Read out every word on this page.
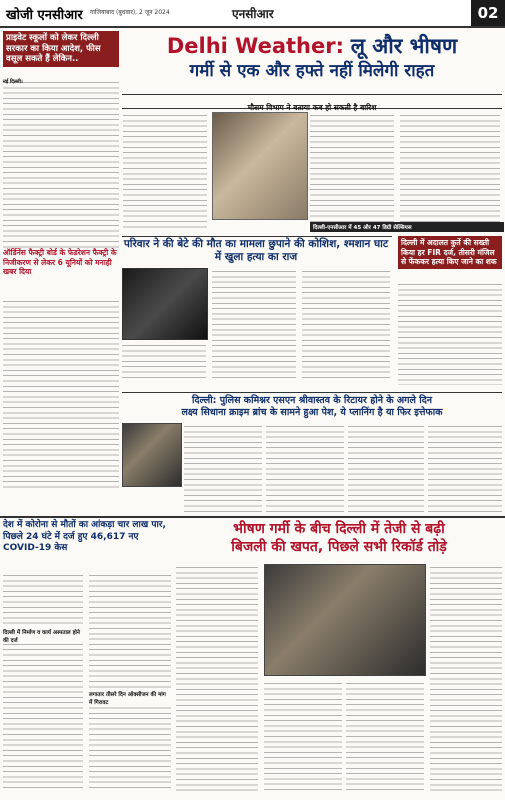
खोजी एनसीआर गाजियाबाद (बुधवार), 2 जून 2024	एनसीआर	02
प्राइवेट स्कूलों को लेकर दिल्ली सरकार का किया आदेश, फीस वसूल सकते हैं लेकिन..
नई दिल्ली।
ऑर्डिनेंस फैक्ट्री बोर्ड के फेडरेशन फैक्ट्री के निजीकरण से लेकर 6 यूनियों को मनाही खबर दिया
Delhi Weather: लू और भीषण
गर्मी से एक और हफ्ते नहीं मिलेगी राहत
मौसम विभाग ने बताया कब हो सकती है बारिश
दिल्ली-एनसीआर में 45 और 47 डिग्री सेल्सियस
परिवार ने की बेटे की मौत का मामला छुपाने की कोशिश, श्मशान घाट में खुला हत्या का राज
दिल्ली में अदालत कुर्ते की सख्ती किया हर FIR दर्ज, तीसरी मंजिल से फेंककर हत्या किए जाने का शक
दिल्ली: पुलिस कमिश्नर एसएन श्रीवास्तव के रिटायर होने के अगले दिन
लक्ष्य सिधाना क्राइम ब्रांच के सामने हुआ पेश, ये प्लानिंग है या फिर इत्तेफाक
देश में कोरोना से मौतों का आंकड़ा चार लाख पार, पिछले 24 घंटे में दर्ज हुए 46,617 नए COVID-19 केस
दिल्ली में निर्माण व कार्य अस्पताल होने की दर्ज
लगातार तीसरे दिन ऑक्सीजन की मांग में गिरावट
भीषण गर्मी के बीच दिल्ली में तेजी से बढ़ी
बिजली की खपत, पिछले सभी रिकॉर्ड तोड़े
